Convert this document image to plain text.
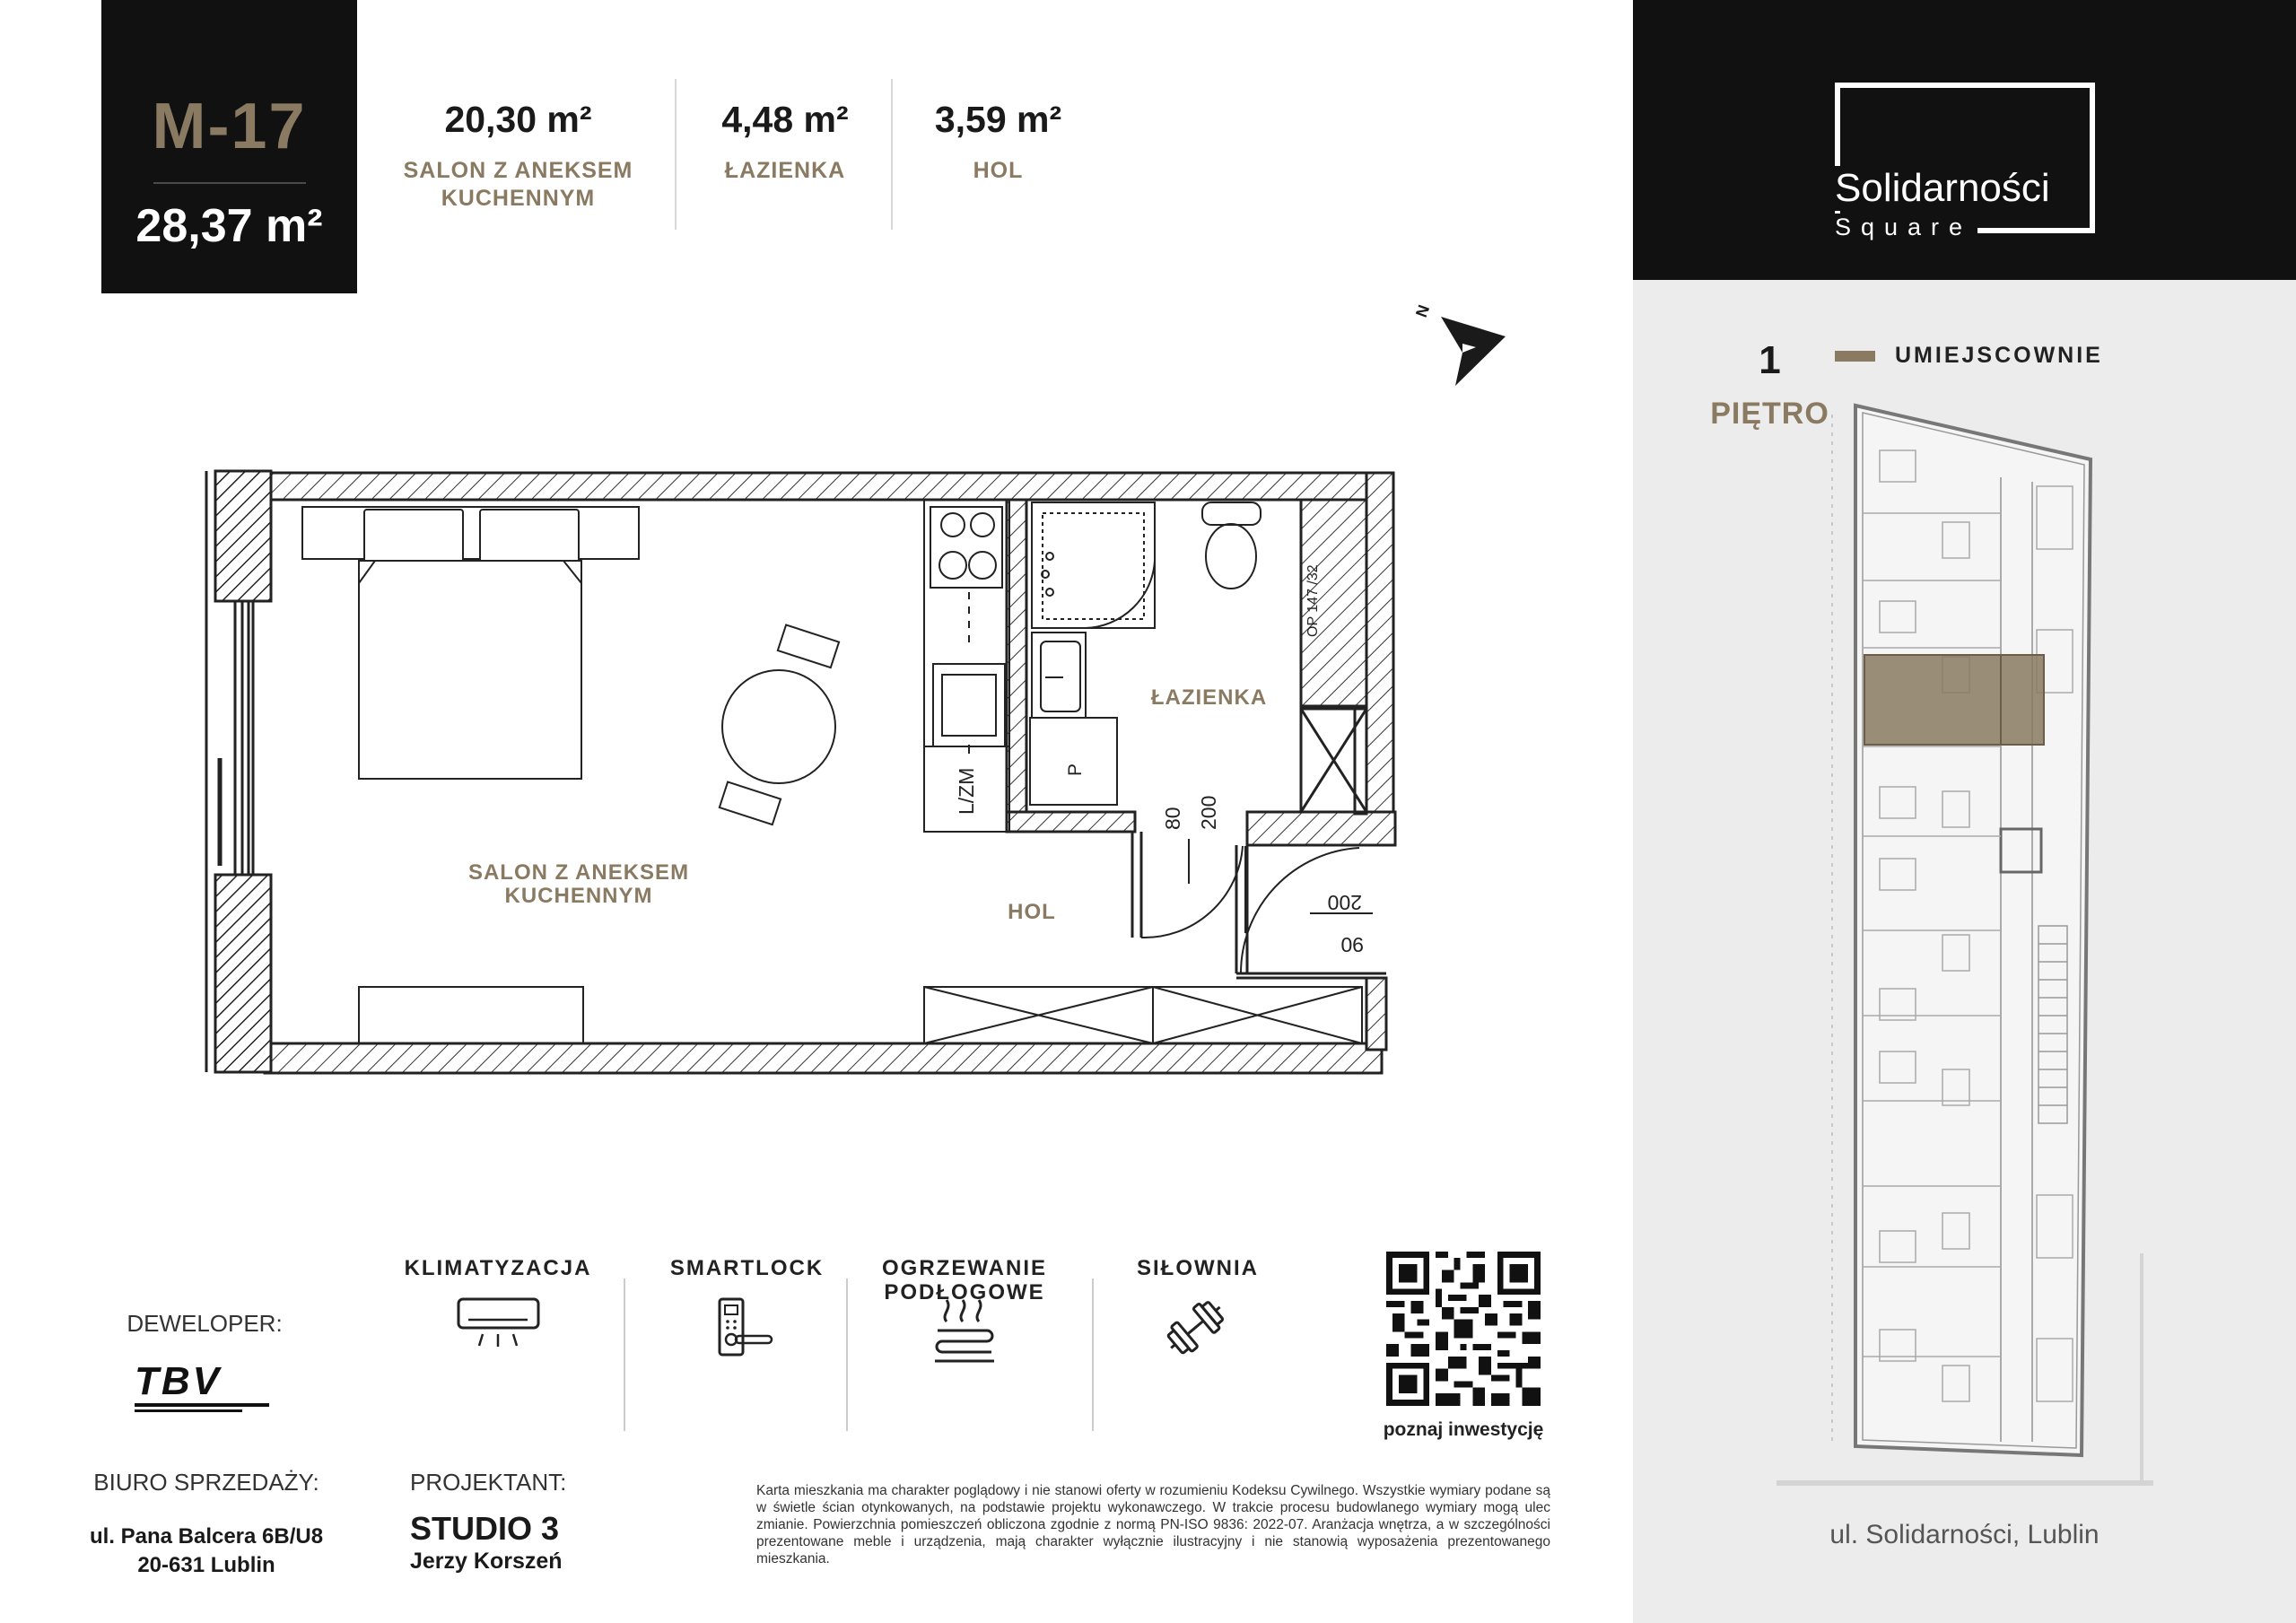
M-17
28,37 m²
20,30 m²
SALON Z ANEKSEM
KUCHENNYM
4,48 m²
ŁAZIENKA
3,59 m²
HOL	Solidarności
Square
1
PIĘTRO
UMIEJSCOWNIE
ul. Solidarności, Lublin
N
80 200
200
90
OP 147 /32
L/ZM	P
SALON Z ANEKSEM
KUCHENNYM
ŁAZIENKA
HOL
DEWELOPER:
TBV
BIURO SPRZEDAŻY:
ul. Pana Balcera 6B/U8
20-631 Lublin
PROJEKTANT:
STUDIO 3
Jerzy Korszeń
KLIMATYZACJA	SMARTLOCK	OGRZEWANIE
PODŁOGOWE
SIŁOWNIA
poznaj inwestycję
Karta mieszkania ma charakter poglądowy i nie stanowi oferty w rozumieniu Kodeksu Cywilnego. Wszystkie wymiary podane są w świetle ścian otynkowanych, na podstawie projektu wykonawczego. W trakcie procesu budowlanego wymiary mogą ulec zmianie. Powierzchnia pomieszczeń obliczona zgodnie z normą PN-ISO 9836: 2022-07. Aranżacja wnętrza, a w szczególności prezentowane meble i urządzenia, mają charakter wyłącznie ilustracyjny i nie stanowią wyposażenia prezentowanego mieszkania.
